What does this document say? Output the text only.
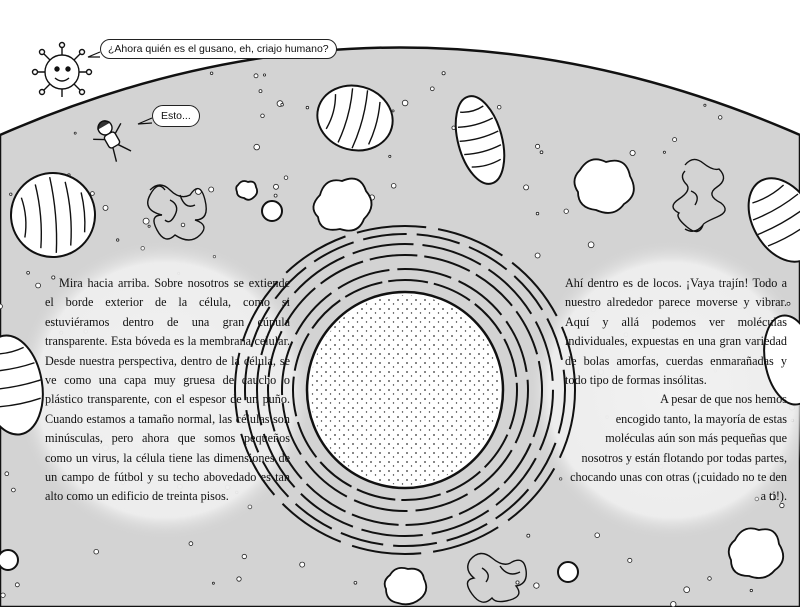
¿Ahora quién es el gusano, eh, criajo humano?
Esto...

Mira hacia arriba. Sobre nosotros se extiende el borde exterior de la célula, como si estuviéramos dentro de una gran cúpula transparente. Esta bóveda es la membrana celular. Desde nuestra perspectiva, dentro de la célula, se ve como una capa muy gruesa de caucho o plástico transparente, con el espesor de un puño. Cuando estamos a tamaño normal, las células son minúsculas, pero ahora que somos pequeños como un virus, la célula tiene las dimensiones de un campo de fútbol y su techo abovedado es tan alto como un edificio de treinta pisos.

Ahí dentro es de locos. ¡Vaya trajín! Todo a nuestro alrededor parece moverse y vibrar. Aquí y allá podemos ver moléculas individuales, expuestas en una gran variedad de bolas amorfas, cuerdas enmarañadas y todo tipo de formas insólitas.

A pesar de que nos hemos encogido tanto, la mayoría de estas moléculas aún son más pequeñas que nosotros y están flotando por todas partes, chocando unas con otras (¡cuidado no te den a ti!).
